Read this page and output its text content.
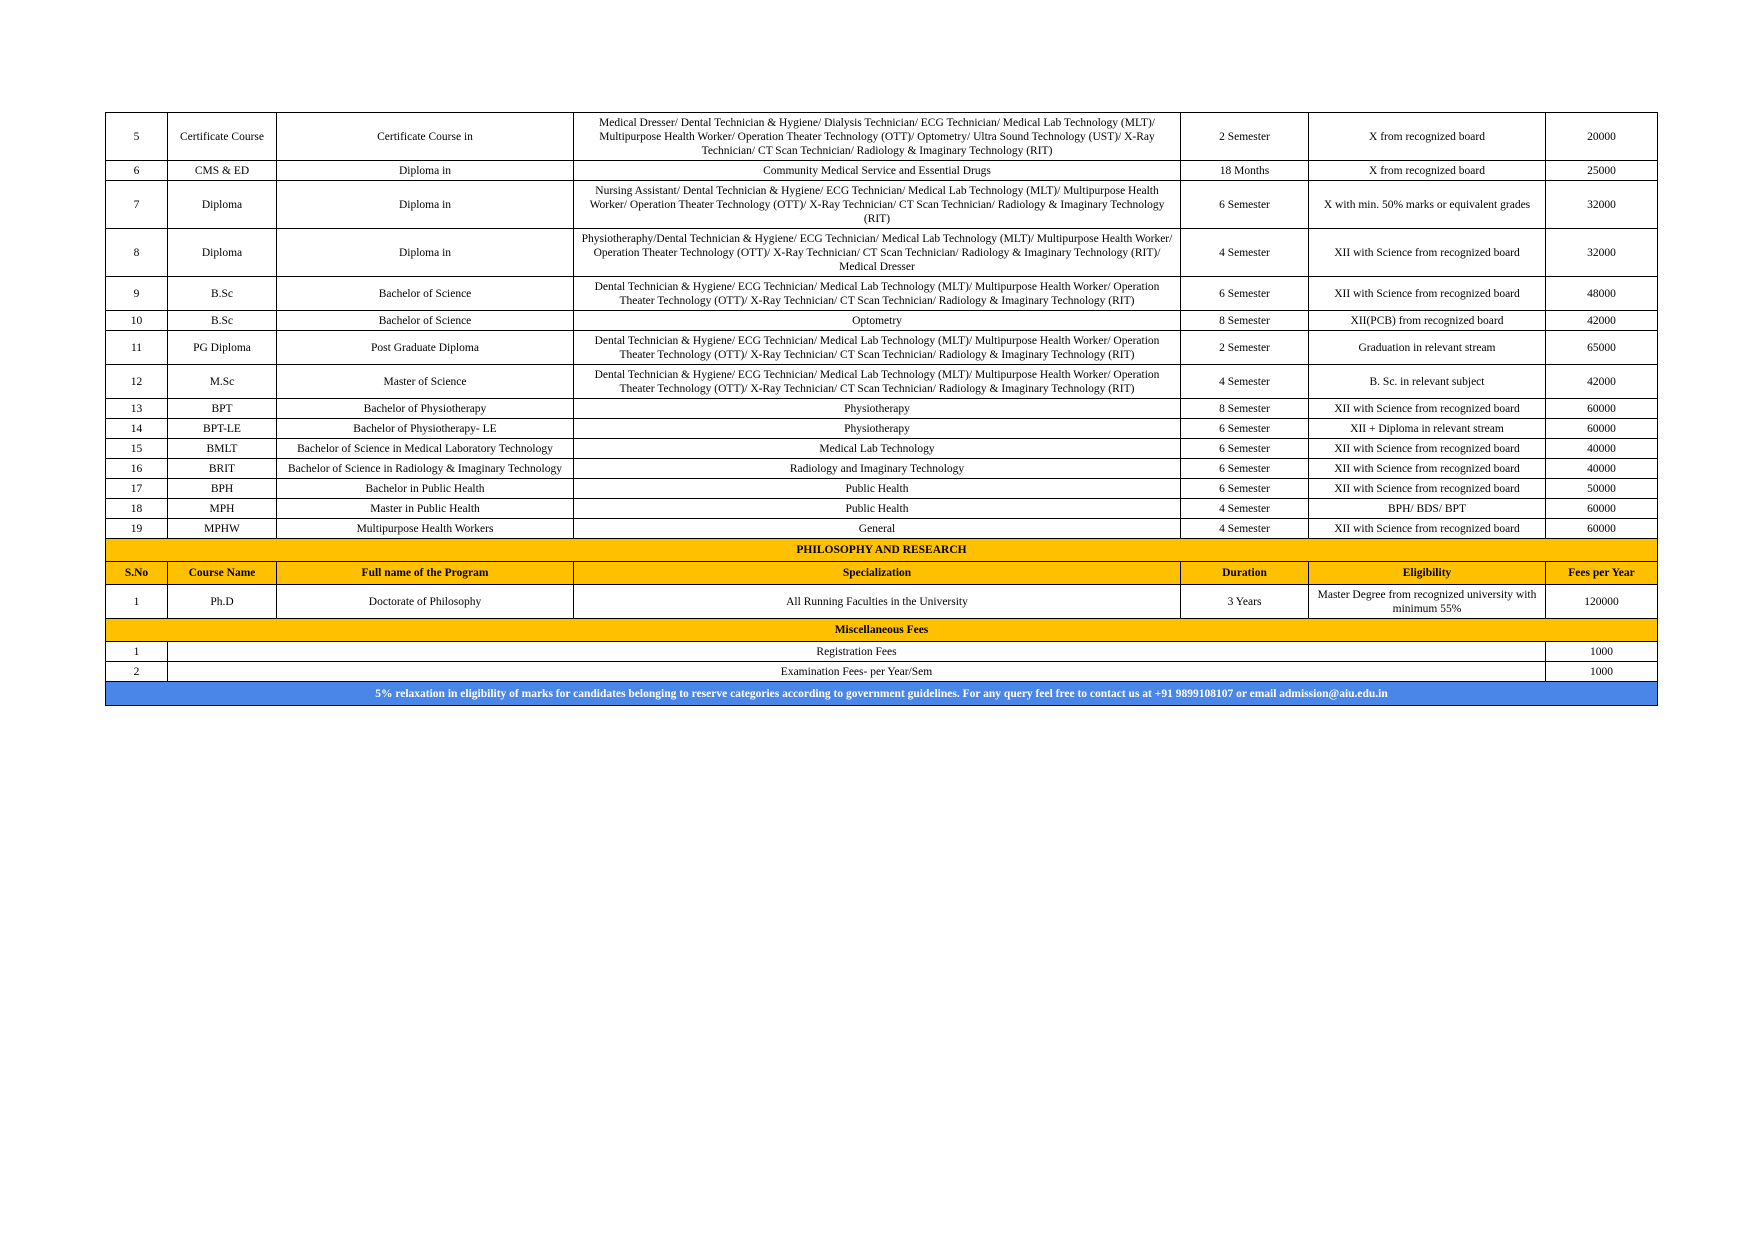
5	Certificate Course	Certificate Course in	Medical Dresser/ Dental Technician & Hygiene/ Dialysis Technician/ ECG Technician/ Medical Lab Technology (MLT)/ Multipurpose Health Worker/ Operation Theater Technology (OTT)/ Optometry/ Ultra Sound Technology (UST)/ X-Ray Technician/ CT Scan Technician/ Radiology & Imaginary Technology (RIT)	2 Semester	X from recognized board	20000
6	CMS & ED	Diploma in	Community Medical Service and Essential Drugs	18 Months	X from recognized board	25000
7	Diploma	Diploma in	Nursing Assistant/ Dental Technician & Hygiene/ ECG Technician/ Medical Lab Technology (MLT)/ Multipurpose Health Worker/ Operation Theater Technology (OTT)/ X-Ray Technician/ CT Scan Technician/ Radiology & Imaginary Technology (RIT)	6 Semester	X with min. 50% marks or equivalent grades	32000
8	Diploma	Diploma in	Physiotheraphy/Dental Technician & Hygiene/ ECG Technician/ Medical Lab Technology (MLT)/ Multipurpose Health Worker/ Operation Theater Technology (OTT)/ X-Ray Technician/ CT Scan Technician/ Radiology & Imaginary Technology (RIT)/ Medical Dresser	4 Semester	XII with Science from recognized board	32000
9	B.Sc	Bachelor of Science	Dental Technician & Hygiene/ ECG Technician/ Medical Lab Technology (MLT)/ Multipurpose Health Worker/ Operation Theater Technology (OTT)/ X-Ray Technician/ CT Scan Technician/ Radiology & Imaginary Technology (RIT)	6 Semester	XII with Science from recognized board	48000
10	B.Sc	Bachelor of Science	Optometry	8 Semester	XII(PCB) from recognized board	42000
11	PG Diploma	Post Graduate Diploma	Dental Technician & Hygiene/ ECG Technician/ Medical Lab Technology (MLT)/ Multipurpose Health Worker/ Operation Theater Technology (OTT)/ X-Ray Technician/ CT Scan Technician/ Radiology & Imaginary Technology (RIT)	2 Semester	Graduation in relevant stream	65000
12	M.Sc	Master of Science	Dental Technician & Hygiene/ ECG Technician/ Medical Lab Technology (MLT)/ Multipurpose Health Worker/ Operation Theater Technology (OTT)/ X-Ray Technician/ CT Scan Technician/ Radiology & Imaginary Technology (RIT)	4 Semester	B. Sc. in relevant subject	42000
13	BPT	Bachelor of Physiotherapy	Physiotherapy	8 Semester	XII with Science from recognized board	60000
14	BPT-LE	Bachelor of Physiotherapy- LE	Physiotherapy	6 Semester	XII + Diploma in relevant stream	60000
15	BMLT	Bachelor of Science in Medical Laboratory Technology	Medical Lab Technology	6 Semester	XII with Science from recognized board	40000
16	BRIT	Bachelor of Science in Radiology & Imaginary Technology	Radiology and Imaginary Technology	6 Semester	XII with Science from recognized board	40000
17	BPH	Bachelor in Public Health	Public Health	6 Semester	XII with Science from recognized board	50000
18	MPH	Master in Public Health	Public Health	4 Semester	BPH/ BDS/ BPT	60000
19	MPHW	Multipurpose Health Workers	General	4 Semester	XII with Science from recognized board	60000
PHILOSOPHY AND RESEARCH						
S.No	Course Name	Full name of the Program	Specialization	Duration	Eligibility	Fees per Year
1	Ph.D	Doctorate of Philosophy	All Running Faculties in the University	3 Years	Master Degree from recognized university with minimum 55%	120000
Miscellaneous Fees						
1	Registration Fees					1000
2	Examination Fees- per Year/Sem					1000
5% relaxation in eligibility of marks for candidates belonging to reserve categories according to government guidelines. For any query feel free to contact us at +91 9899108107 or email admission@aiu.edu.in						
